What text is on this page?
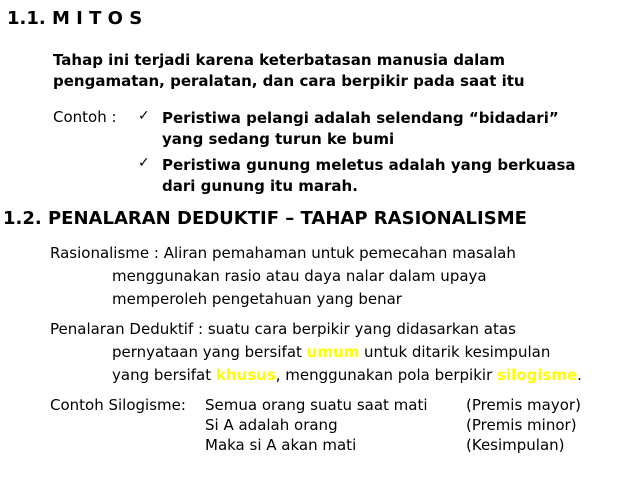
1.1. M I T O S
Tahap ini terjadi karena keterbatasan manusia dalam
pengamatan, peralatan, dan cara berpikir pada saat itu
Contoh : ✓ Peristiwa pelangi adalah selendang “bidadari”
yang sedang turun ke bumi
✓ Peristiwa gunung meletus adalah yang berkuasa
dari gunung itu marah.
1.2. PENALARAN DEDUKTIF – TAHAP RASIONALISME
Rasionalisme : Aliran pemahaman untuk pemecahan masalah
menggunakan rasio atau daya nalar dalam upaya
memperoleh pengetahuan yang benar
Penalaran Deduktif : suatu cara berpikir yang didasarkan atas
pernyataan yang bersifat umum untuk ditarik kesimpulan
yang bersifat khusus, menggunakan pola berpikir silogisme.
Contoh Silogisme: Semua orang suatu saat mati	(Premis mayor)
Si A adalah orang	(Premis minor)
Maka si A akan mati	(Kesimpulan)
